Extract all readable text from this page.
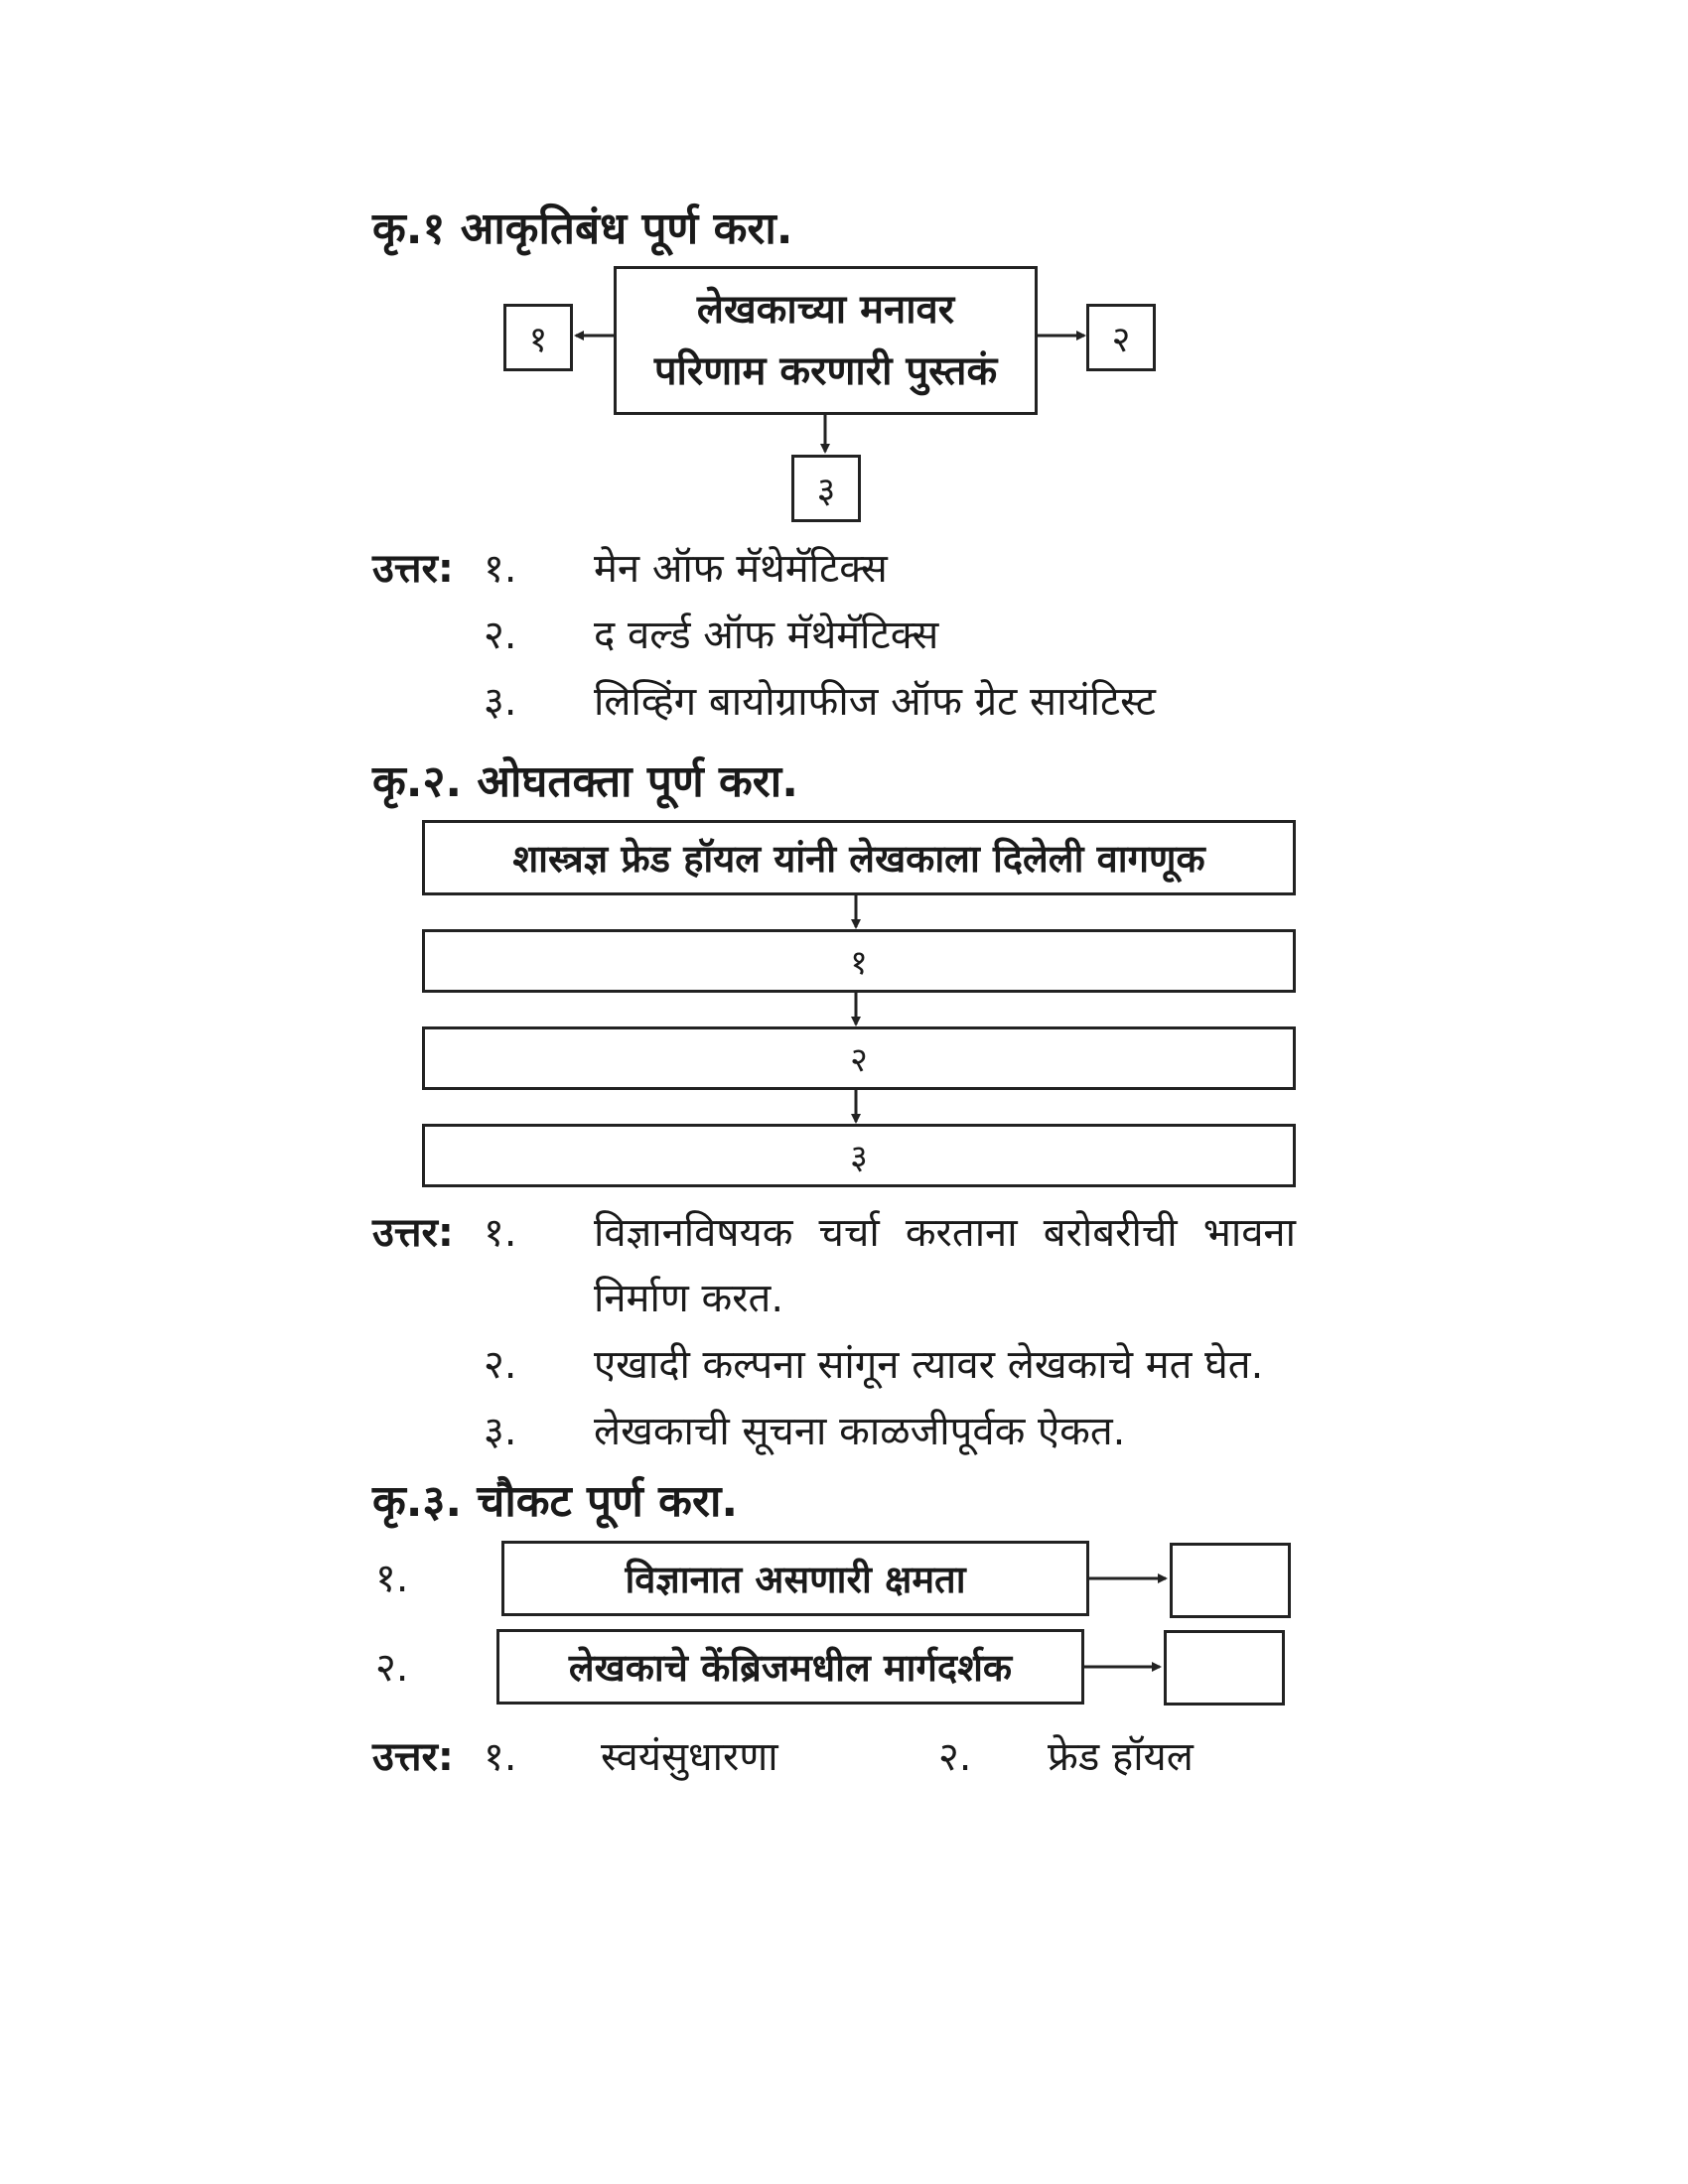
कृ.१ आकृतिबंध पूर्ण करा.
लेखकाच्या मनावर
परिणाम करणारी पुस्तकं
१	२
३
उत्तर: १. मेन ऑफ मॅथेमॅटिक्स
२. द वर्ल्ड ऑफ मॅथेमॅटिक्स
३. लिव्हिंग बायोग्राफीज ऑफ ग्रेट सायंटिस्ट
कृ.२. ओघतक्ता पूर्ण करा.
शास्त्रज्ञ फ्रेड हॉयल यांनी लेखकाला दिलेली वागणूक
१
२
३
उत्तर: १. विज्ञानविषयक चर्चा करताना बरोबरीची भावना
निर्माण करत.
२. एखादी कल्पना सांगून त्यावर लेखकाचे मत घेत.
३. लेखकाची सूचना काळजीपूर्वक ऐकत.
कृ.३. चौकट पूर्ण करा.
१.	विज्ञानात असणारी क्षमता
२.	लेखकाचे केंब्रिजमधील मार्गदर्शक
उत्तर: १. स्वयंसुधारणा	२. फ्रेड हॉयल
